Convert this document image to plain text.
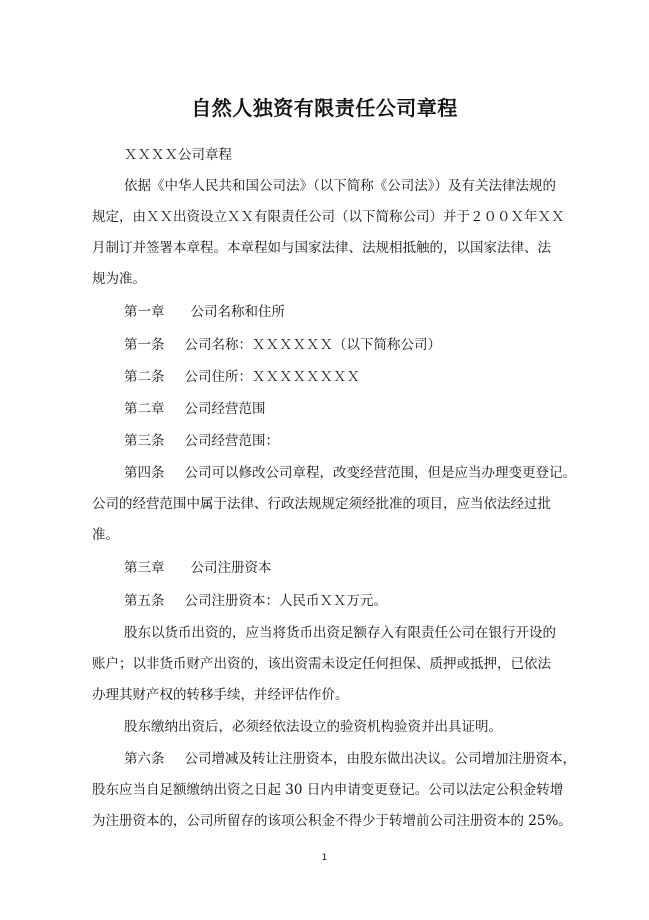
自然人独资有限责任公司章程
ＸＸＸＸ公司章程
依据《中华人民共和国公司法》（以下简称《公司法》）及有关法律法规的
规定，由ＸＸ出资设立ＸＸ有限责任公司（以下简称公司）并于２００Ｘ年ＸＸ
月制订并签署本章程。本章程如与国家法律、法规相抵触的，以国家法律、法
规为准。
第一章 公司名称和住所
第一条 公司名称：ＸＸＸＸＸＸ（以下简称公司）
第二条 公司住所：ＸＸＸＸＸＸＸＸ
第二章 公司经营范围
第三条 公司经营范围：
第四条 公司可以修改公司章程，改变经营范围，但是应当办理变更登记。
公司的经营范围中属于法律、行政法规规定须经批准的项目，应当依法经过批
准。
第三章 公司注册资本
第五条 公司注册资本：人民币ＸＸ万元。
股东以货币出资的，应当将货币出资足额存入有限责任公司在银行开设的
账户；以非货币财产出资的，该出资需未设定任何担保、质押或抵押，已依法
办理其财产权的转移手续，并经评估作价。
股东缴纳出资后，必须经依法设立的验资机构验资并出具证明。
第六条 公司增减及转让注册资本，由股东做出决议。公司增加注册资本，
股东应当自足额缴纳出资之日起 30 日内申请变更登记。公司以法定公积金转增
为注册资本的，公司所留存的该项公积金不得少于转增前公司注册资本的 25%。
1
